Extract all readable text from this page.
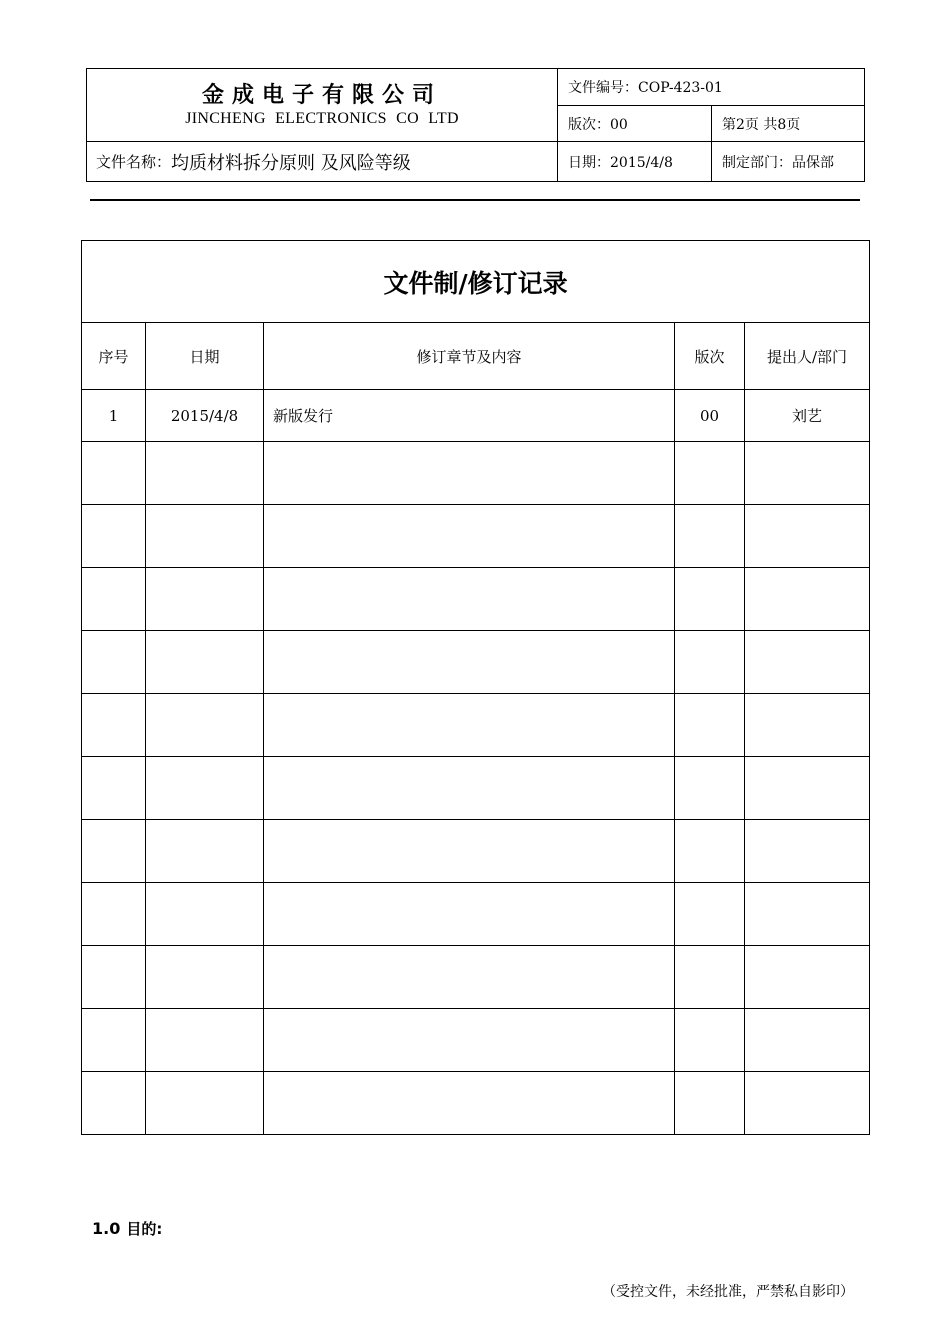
金成电子有限公司
JINCHENG ELECTRONICS CO LTD
文件名称： 均质材料拆分原则 及风险等级
文件编号：COP-423-01
版次：00	第2页 共8页
日期：2015/4/8	制定部门：品保部
文件制/修订记录				
序号	日期	修订章节及内容	版次	提出人/部门
1	2015/4/8	新版发行	00	刘艺

1.0 目的:
（受控文件，未经批准，严禁私自影印）
